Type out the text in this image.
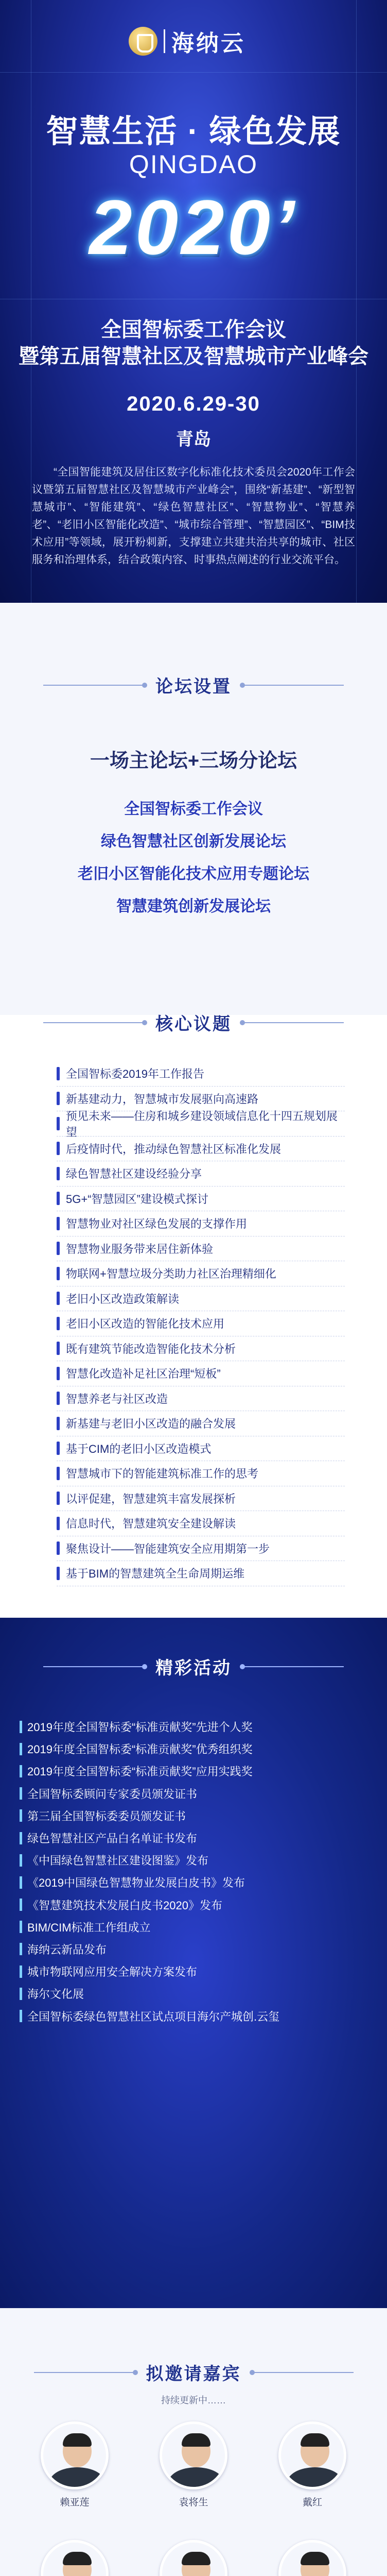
海纳云
智慧生活 · 绿色发展
QINGDAO
2020’
全国智标委工作会议
暨第五届智慧社区及智慧城市产业峰会
2020.6.29-30
青岛

“全国智能建筑及居住区数字化标准化技术委员会2020年工作会议暨第五届智慧社区及智慧城市产业峰会”，围绕“新基建”、“新型智慧城市”、“智能建筑”、“绿色智慧社区”、“智慧物业”、“智慧养老”、“老旧小区智能化改造”、“城市综合管理”、“智慧园区”、“BIM技术应用”等领域，展开粉刺新，支撑建立共建共治共享的城市、社区服务和治理体系，结合政策内容、时事热点阐述的行业交流平台。

论坛设置
一场主论坛+三场分论坛
全国智标委工作会议
绿色智慧社区创新发展论坛
老旧小区智能化技术应用专题论坛
智慧建筑创新发展论坛
核心议题
全国智标委2019年工作报告
新基建动力，智慧城市发展驱向高速路
预见未来——住房和城乡建设领域信息化十四五规划展望
后疫情时代，推动绿色智慧社区标准化发展
绿色智慧社区建设经验分享
5G+“智慧园区”建设模式探讨
智慧物业对社区绿色发展的支撑作用
智慧物业服务带来居住新体验
物联网+智慧垃圾分类助力社区治理精细化
老旧小区改造政策解读
老旧小区改造的智能化技术应用
既有建筑节能改造智能化技术分析
智慧化改造补足社区治理“短板”
智慧养老与社区改造
新基建与老旧小区改造的融合发展
基于CIM的老旧小区改造模式
智慧城市下的智能建筑标准工作的思考
以评促建，智慧建筑丰富发展探析
信息时代，智慧建筑安全建设解读
聚焦设计——智能建筑安全应用期第一步
基于BIM的智慧建筑全生命周期运维
精彩活动
2019年度全国智标委“标准贡献奖”先进个人奖
2019年度全国智标委“标准贡献奖”优秀组织奖
2019年度全国智标委“标准贡献奖”应用实践奖
全国智标委顾问专家委员颁发证书
第三届全国智标委委员颁发证书
绿色智慧社区产品白名单证书发布
《中国绿色智慧社区建设图鉴》发布
《2019中国绿色智慧物业发展白皮书》发布
《智慧建筑技术发展白皮书2020》发布
BIM/CIM标准工作组成立
海纳云新品发布
城市物联网应用安全解决方案发布
海尔文化展
全国智标委绿色智慧社区试点项目海尔产城创.云玺
拟邀请嘉宾
持续更新中……
赖亚莲	袁将生	戴红
